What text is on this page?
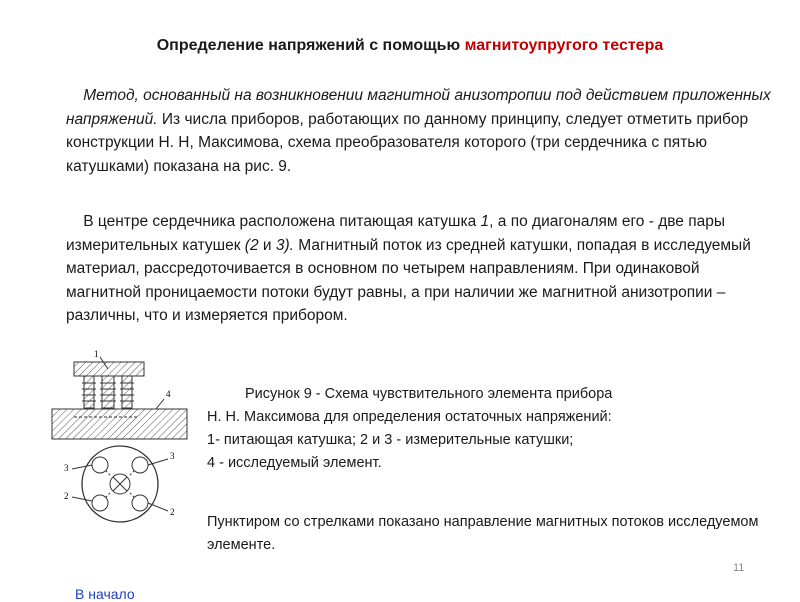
Определение напряжений с помощью магнитоупругого тестера
Метод, основанный на возникновении магнитной анизотропии под действием приложенных напряжений. Из числа приборов, работающих по данному принципу, следует отметить прибор конструкции Н. Н, Максимова, схема преобразователя которого (три сердечника с пятью катушками) показана на рис. 9.
В центре сердечника расположена питающая катушка 1, а по диагоналям его - две пары измерительных катушек (2 и 3). Магнитный поток из средней катушки, попадая в исследуемый материал, рассредоточивается в основном по четырем направлениям. При одинаковой магнитной проницаемости потоки будут равны, а при наличии же магнитной анизотропии – различны, что и измеряется прибором.
1
4
3
2
3
2
Рисунок 9 - Схема чувствительного элемента прибора
Н. Н. Максимова для определения остаточных напряжений:
1- питающая катушка; 2 и 3 - измерительные катушки;
4 - исследуемый элемент.
Пунктиром со стрелками показано направление магнитных потоков исследуемом элементе.
11
В начало
